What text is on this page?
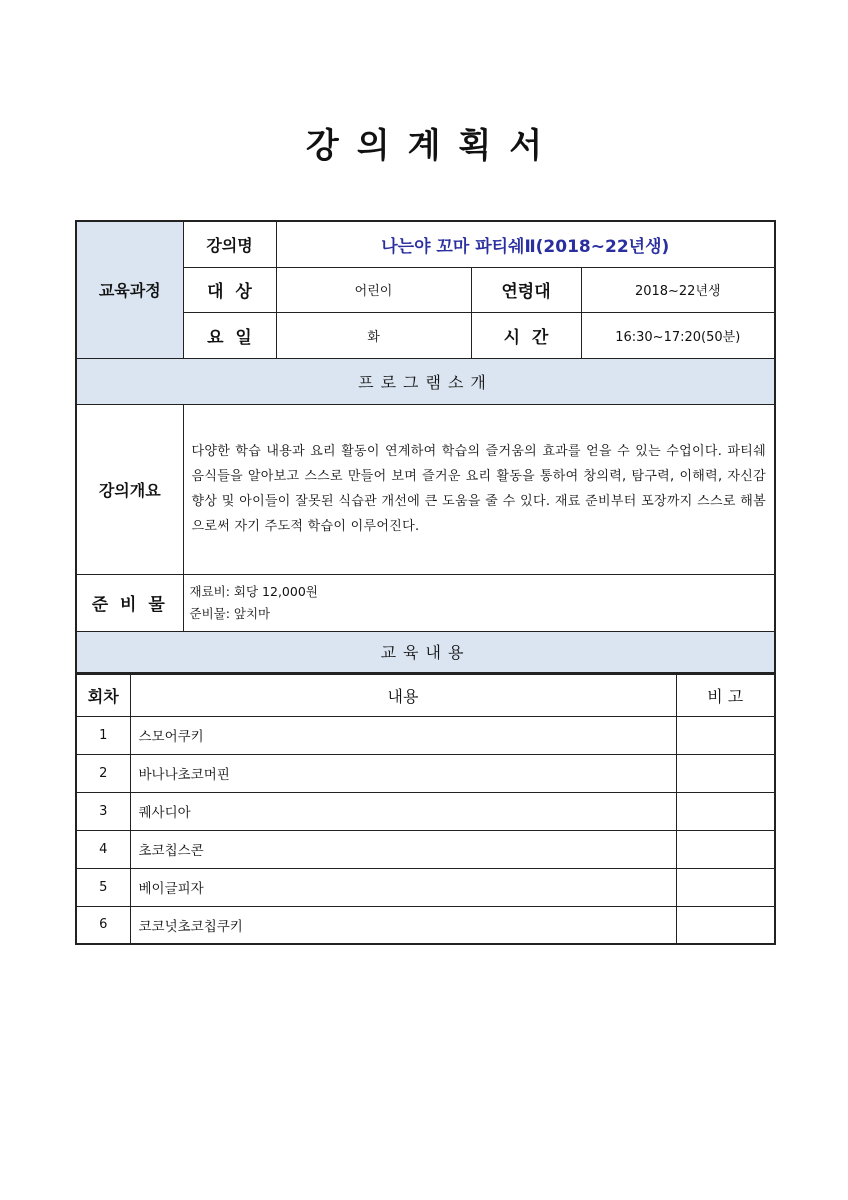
강의계획서
교육과정	강의명	나는야 꼬마 파티쉐Ⅱ(2018~22년생)		
	대  상	어린이	연령대	2018~22년생
	요  일	화	시  간	16:30~17:20(50분)
프로그램소개				
강의개요	다양한 학습 내용과 요리 활동이 연계하여 학습의 즐거움의 효과를 얻을 수 있는 수업이다. 파티쉐 음식들을 알아보고 스스로 만들어 보며 즐거운 요리 활동을 통하여 창의력, 탐구력, 이해력, 자신감 향상 및 아이들이 잘못된 식습관 개선에 큰 도움을 줄 수 있다. 재료 준비부터 포장까지 스스로 해봄으로써 자기 주도적 학습이 이루어진다.			
준 비 물	재료비: 회당 12,000원
준비물: 앞치마			

교육내용				
회차	내용	비 고
1	스모어쿠키	
2	바나나초코머핀	
3	퀘사디아	
4	초코칩스콘	
5	베이글피자	
6	코코넛초코칩쿠키	
